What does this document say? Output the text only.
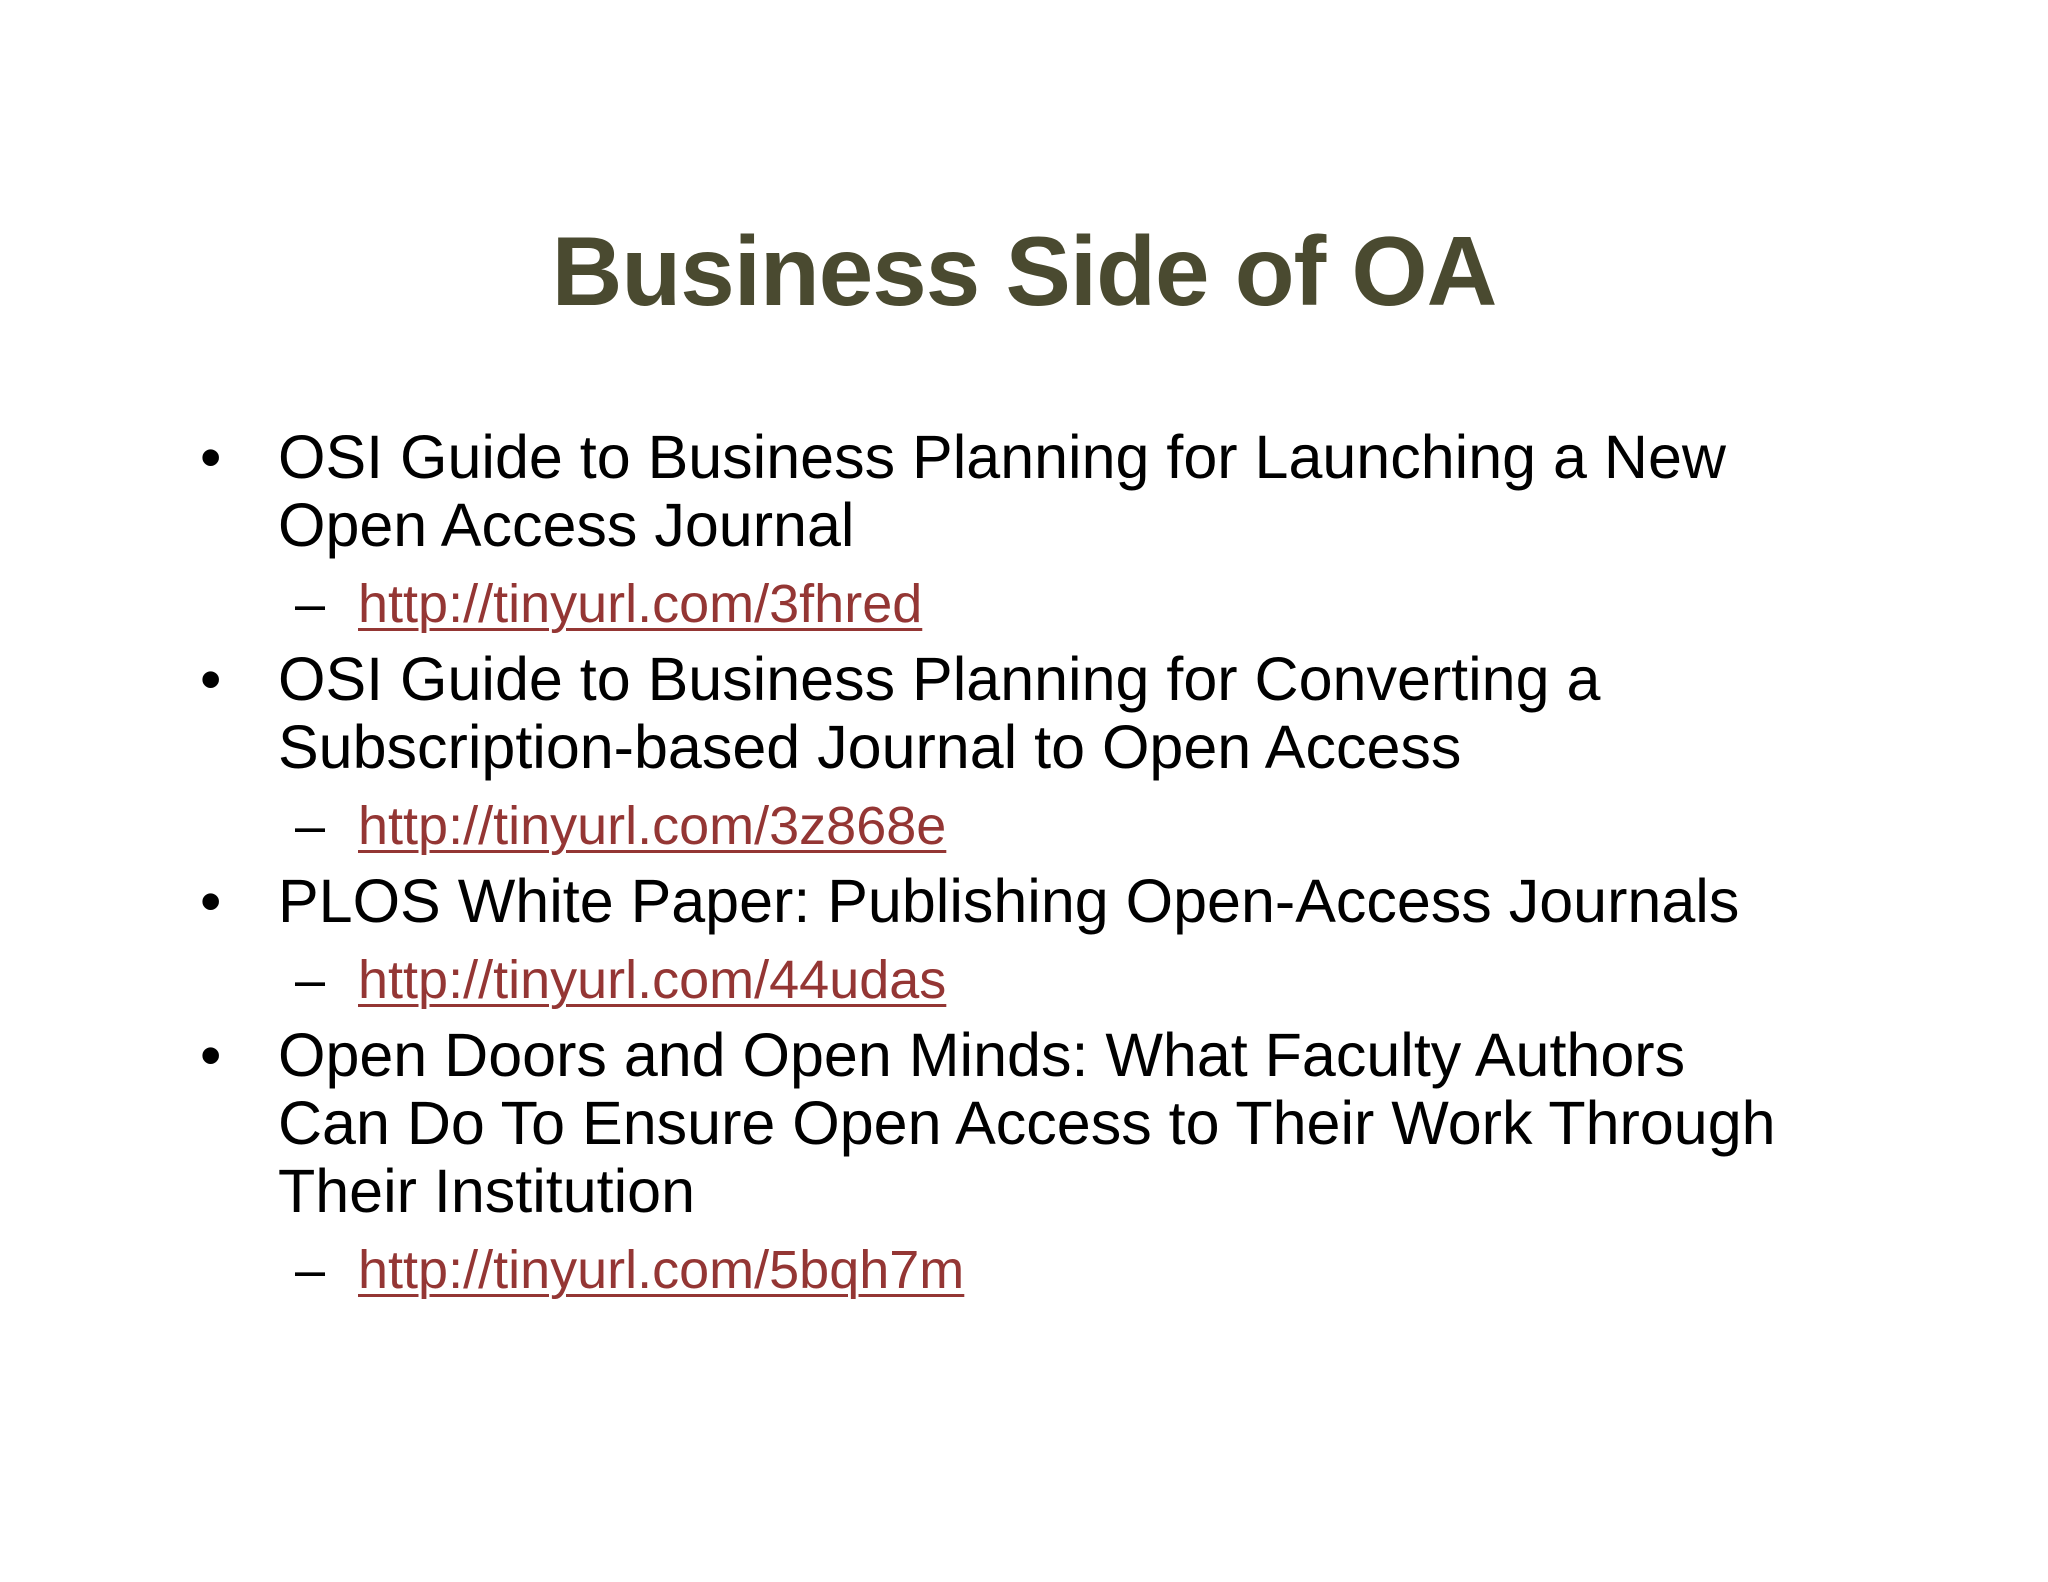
Business Side of OA
• OSI Guide to Business Planning for Launching a New
Open Access Journal
– http://tinyurl.com/3fhred
• OSI Guide to Business Planning for Converting a
Subscription-based Journal to Open Access
– http://tinyurl.com/3z868e
• PLOS White Paper: Publishing Open-Access Journals
– http://tinyurl.com/44udas
• Open Doors and Open Minds: What Faculty Authors
Can Do To Ensure Open Access to Their Work Through
Their Institution
– http://tinyurl.com/5bqh7m
